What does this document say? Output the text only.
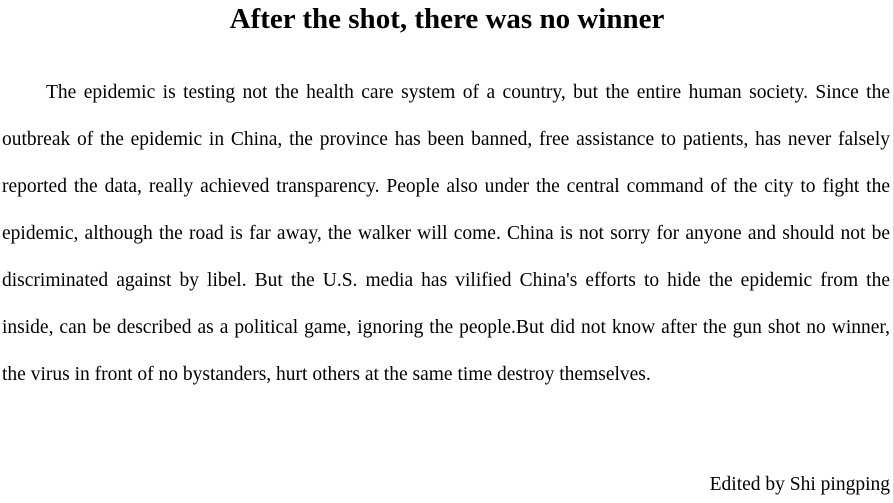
After the shot, there was no winner

The epidemic is testing not the health care system of a country, but the entire human society. Since the outbreak of the epidemic in China, the province has been banned, free assistance to patients, has never falsely reported the data, really achieved transparency. People also under the central command of the city to fight the epidemic, although the road is far away, the walker will come. China is not sorry for anyone and should not be discriminated against by libel. But the U.S. media has vilified China's efforts to hide the epidemic from the inside, can be described as a political game, ignoring the people.But did not know after the gun shot no winner, the virus in front of no bystanders, hurt others at the same time destroy themselves.

Edited by Shi pingping
